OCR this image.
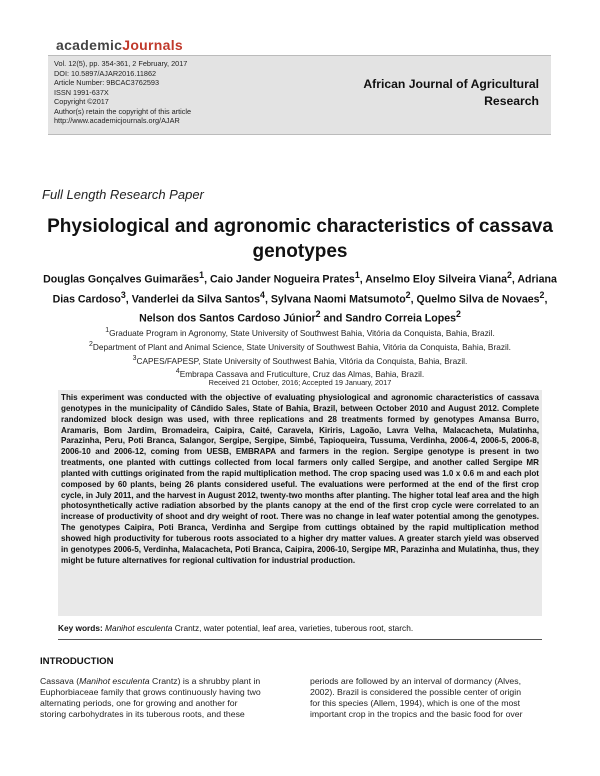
academicJournals
Vol. 12(5), pp. 354-361, 2 February, 2017
DOI: 10.5897/AJAR2016.11862
Article Number: 9BCAC3762593
ISSN 1991-637X
Copyright ©2017
Author(s) retain the copyright of this article
http://www.academicjournals.org/AJAR
African Journal of Agricultural
Research
Full Length Research Paper
Physiological and agronomic characteristics of cassava
genotypes
Douglas Gonçalves Guimarães$^1$, Caio Jander Nogueira Prates$^1$, Anselmo Eloy Silveira Viana$^2$, Adriana Dias Cardoso$^3$, Vanderlei da Silva Santos$^4$, Sylvana Naomi Matsumoto$^2$, Quelmo Silva de Novaes$^2$, Nelson dos Santos Cardoso Júnior$^2$ and Sandro Correia Lopes$^2$
$^1$Graduate Program in Agronomy, State University of Southwest Bahia, Vitória da Conquista, Bahia, Brazil.
$^2$Department of Plant and Animal Science, State University of Southwest Bahia, Vitória da Conquista, Bahia, Brazil.
$^3$CAPES/FAPESP, State University of Southwest Bahia, Vitória da Conquista, Bahia, Brazil.
$^4$Embrapa Cassava and Fruticulture, Cruz das Almas, Bahia, Brazil.
Received 21 October, 2016; Accepted 19 January, 2017
This experiment was conducted with the objective of evaluating physiological and agronomic characteristics of cassava genotypes in the municipality of Cândido Sales, State of Bahia, Brazil, between October 2010 and August 2012. Complete randomized block design was used, with three replications and 28 treatments formed by genotypes Amansa Burro, Aramaris, Bom Jardim, Bromadeira, Caipira, Caité, Caravela, Kiriris, Lagoão, Lavra Velha, Malacacheta, Mulatinha, Parazinha, Peru, Poti Branca, Salangor, Sergipe, Sergipe, Simbé, Tapioqueira, Tussuma, Verdinha, 2006-4, 2006-5, 2006-8, 2006-10 and 2006-12, coming from UESB, EMBRAPA and farmers in the region. Sergipe genotype is present in two treatments, one planted with cuttings collected from local farmers only called Sergipe, and another called Sergipe MR planted with cuttings originated from the rapid multiplication method. The crop spacing used was 1.0 x 0.6 m and each plot composed by 60 plants, being 26 plants considered useful. The evaluations were performed at the end of the first crop cycle, in July 2011, and the harvest in August 2012, twenty-two months after planting. The higher total leaf area and the high photosynthetically active radiation absorbed by the plants canopy at the end of the first crop cycle were correlated to an increase of productivity of shoot and dry weight of root. There was no change in leaf water potential among the genotypes. The genotypes Caipira, Poti Branca, Verdinha and Sergipe from cuttings obtained by the rapid multiplication method showed high productivity for tuberous roots associated to a higher dry matter values. A greater starch yield was observed in genotypes 2006-5, Verdinha, Malacacheta, Poti Branca, Caipira, 2006-10, Sergipe MR, Parazinha and Mulatinha, thus, they might be future alternatives for regional cultivation for industrial production.
Key words: Manihot esculenta Crantz, water potential, leaf area, varieties, tuberous root, starch.
INTRODUCTION
Cassava (Manihot esculenta Crantz) is a shrubby plant in
Euphorbiaceae family that grows continuously having two
alternating periods, one for growing and another for
storing carbohydrates in its tuberous roots, and these
periods are followed by an interval of dormancy (Alves,
2002). Brazil is considered the possible center of origin
for this species (Allem, 1994), which is one of the most
important crop in the tropics and the basic food for over
